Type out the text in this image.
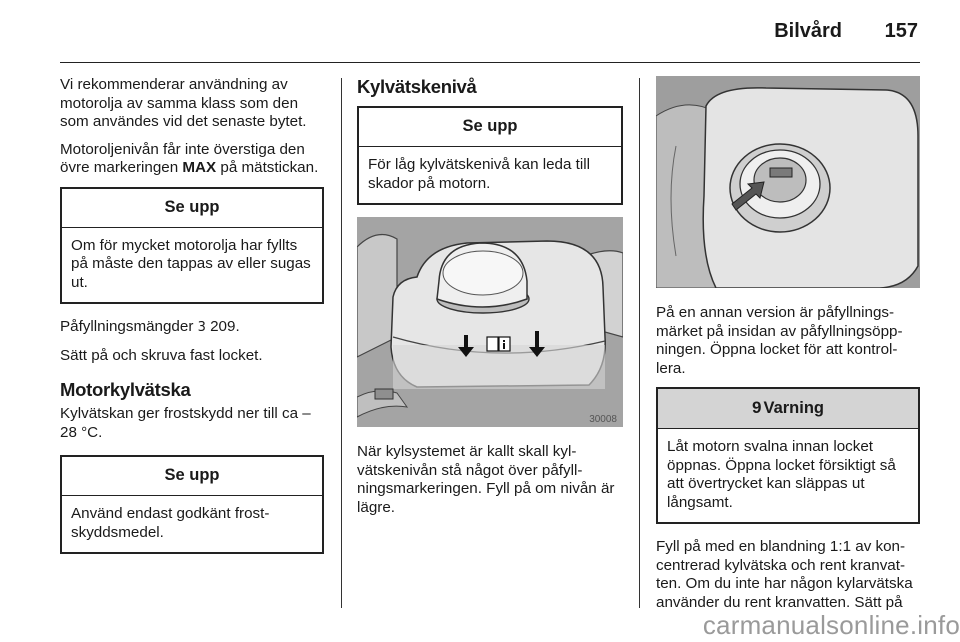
Bilvård 157

Vi rekommenderar användning av motorolja av samma klass som den som användes vid det senaste bytet.

Motoroljenivån får inte överstiga den övre markeringen MAX på mätstickan.

Se upp
Om för mycket motorolja har fyllts på måste den tappas av eller sugas ut.

Påfyllningsmängder 3 209.

Sätt på och skruva fast locket.

Motorkylvätska

Kylvätskan ger frostskydd ner till ca –28 °C.

Se upp
Använd endast godkänt frostskyddsmedel.
Kylvätskenivå
Se upp
För låg kylvätskenivå kan leda till skador på motorn.
30008

När kylsystemet är kallt skall kylvätskenivån stå något över påfyllningsmarkeringen. Fyll på om nivån är lägre.

På en annan version är påfyllningsmärket på insidan av påfyllningsöppningen. Öppna locket för att kontrollera.

9 Varning
Låt motorn svalna innan locket öppnas. Öppna locket försiktigt så att övertrycket kan släppas ut långsamt.

Fyll på med en blandning 1:1 av koncentrerad kylvätska och rent kranvatten. Om du inte har någon kylarvätska använder du rent kranvatten. Sätt på

carmanualsonline.info
